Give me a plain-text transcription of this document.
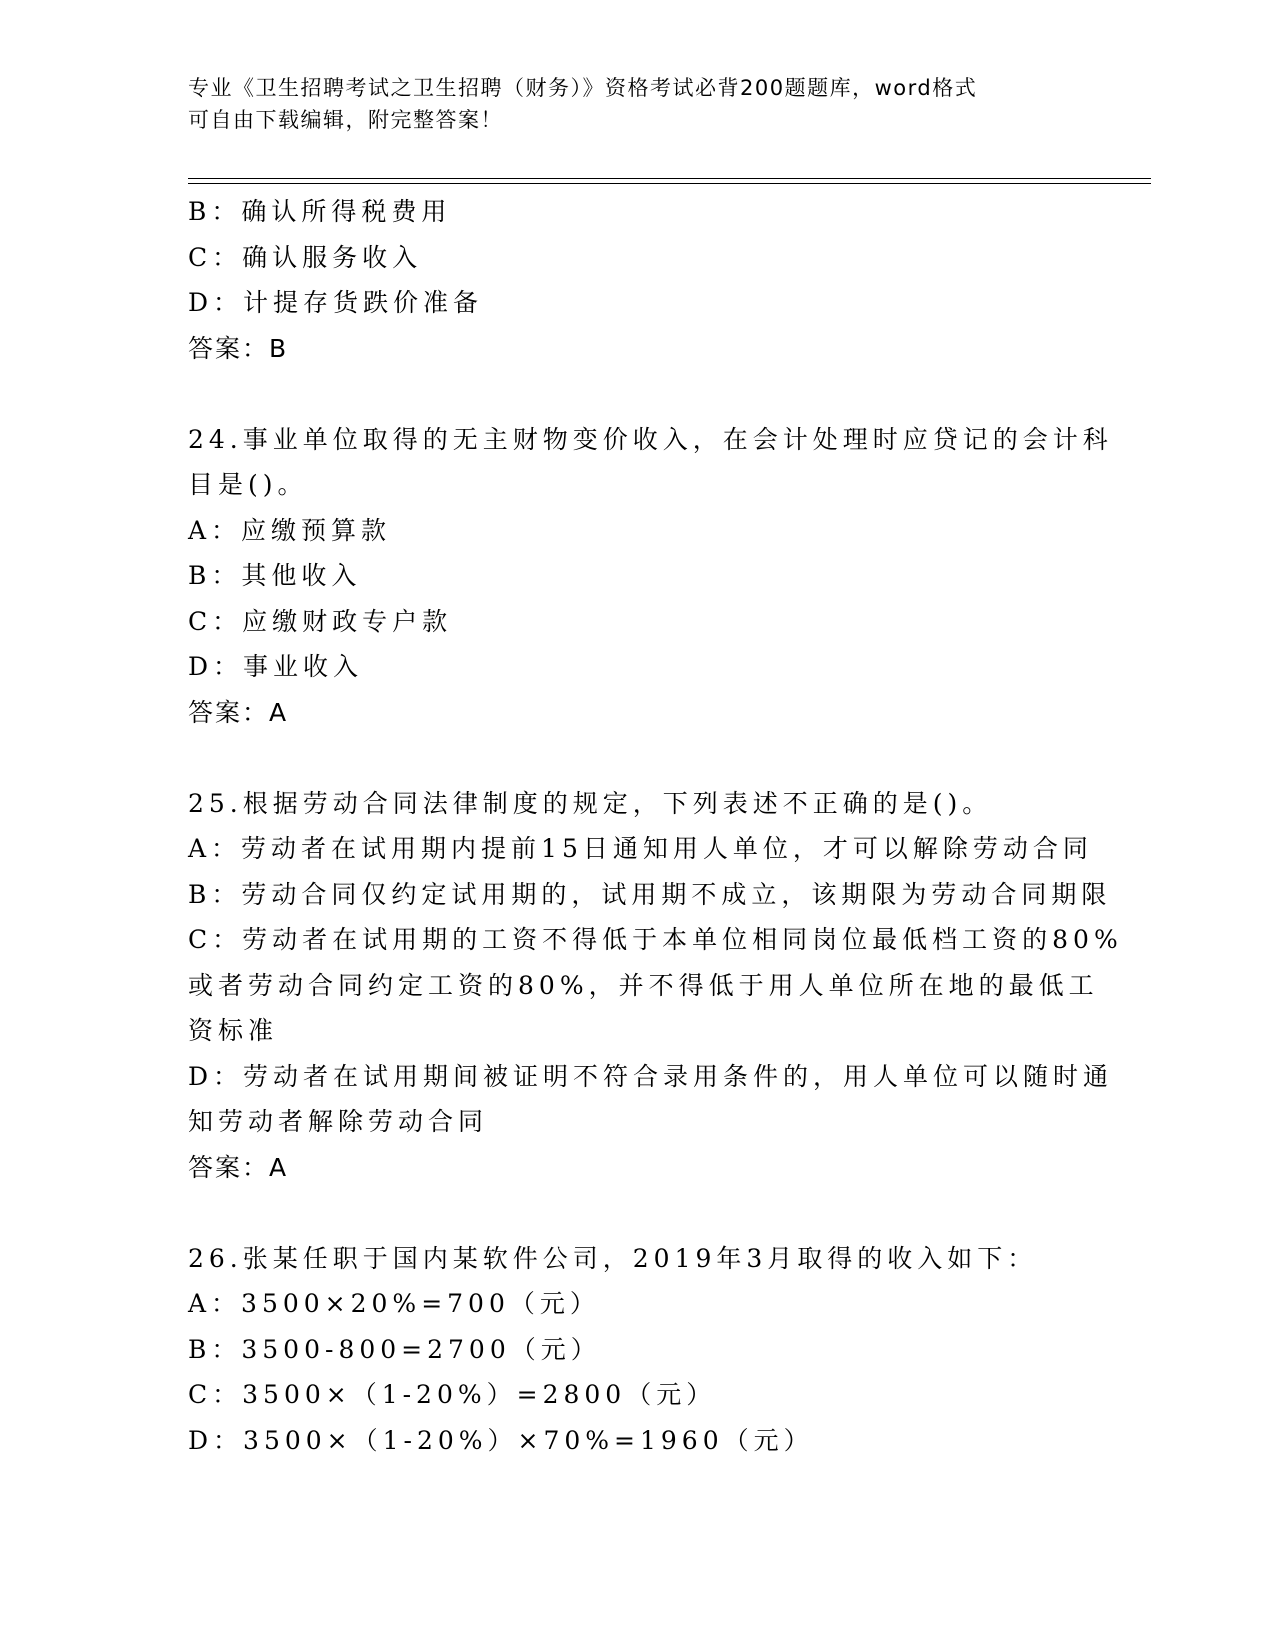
专业《卫生招聘考试之卫生招聘（财务）》资格考试必背200题题库，word格式
可自由下载编辑，附完整答案！
B：确认所得税费用
C：确认服务收入
D：计提存货跌价准备
答案：B
24.事业单位取得的无主财物变价收入，在会计处理时应贷记的会计科
目是()。
A：应缴预算款
B：其他收入
C：应缴财政专户款
D：事业收入
答案：A
25.根据劳动合同法律制度的规定，下列表述不正确的是()。
A：劳动者在试用期内提前15日通知用人单位，才可以解除劳动合同
B：劳动合同仅约定试用期的，试用期不成立，该期限为劳动合同期限
C：劳动者在试用期的工资不得低于本单位相同岗位最低档工资的80%
或者劳动合同约定工资的80%，并不得低于用人单位所在地的最低工
资标准
D：劳动者在试用期间被证明不符合录用条件的，用人单位可以随时通
知劳动者解除劳动合同
答案：A
26.张某任职于国内某软件公司，2019年3月取得的收入如下：
A：3500×20%=700（元）
B：3500-800=2700（元）
C：3500×（1-20%）=2800（元）
D：3500×（1-20%）×70%=1960（元）
